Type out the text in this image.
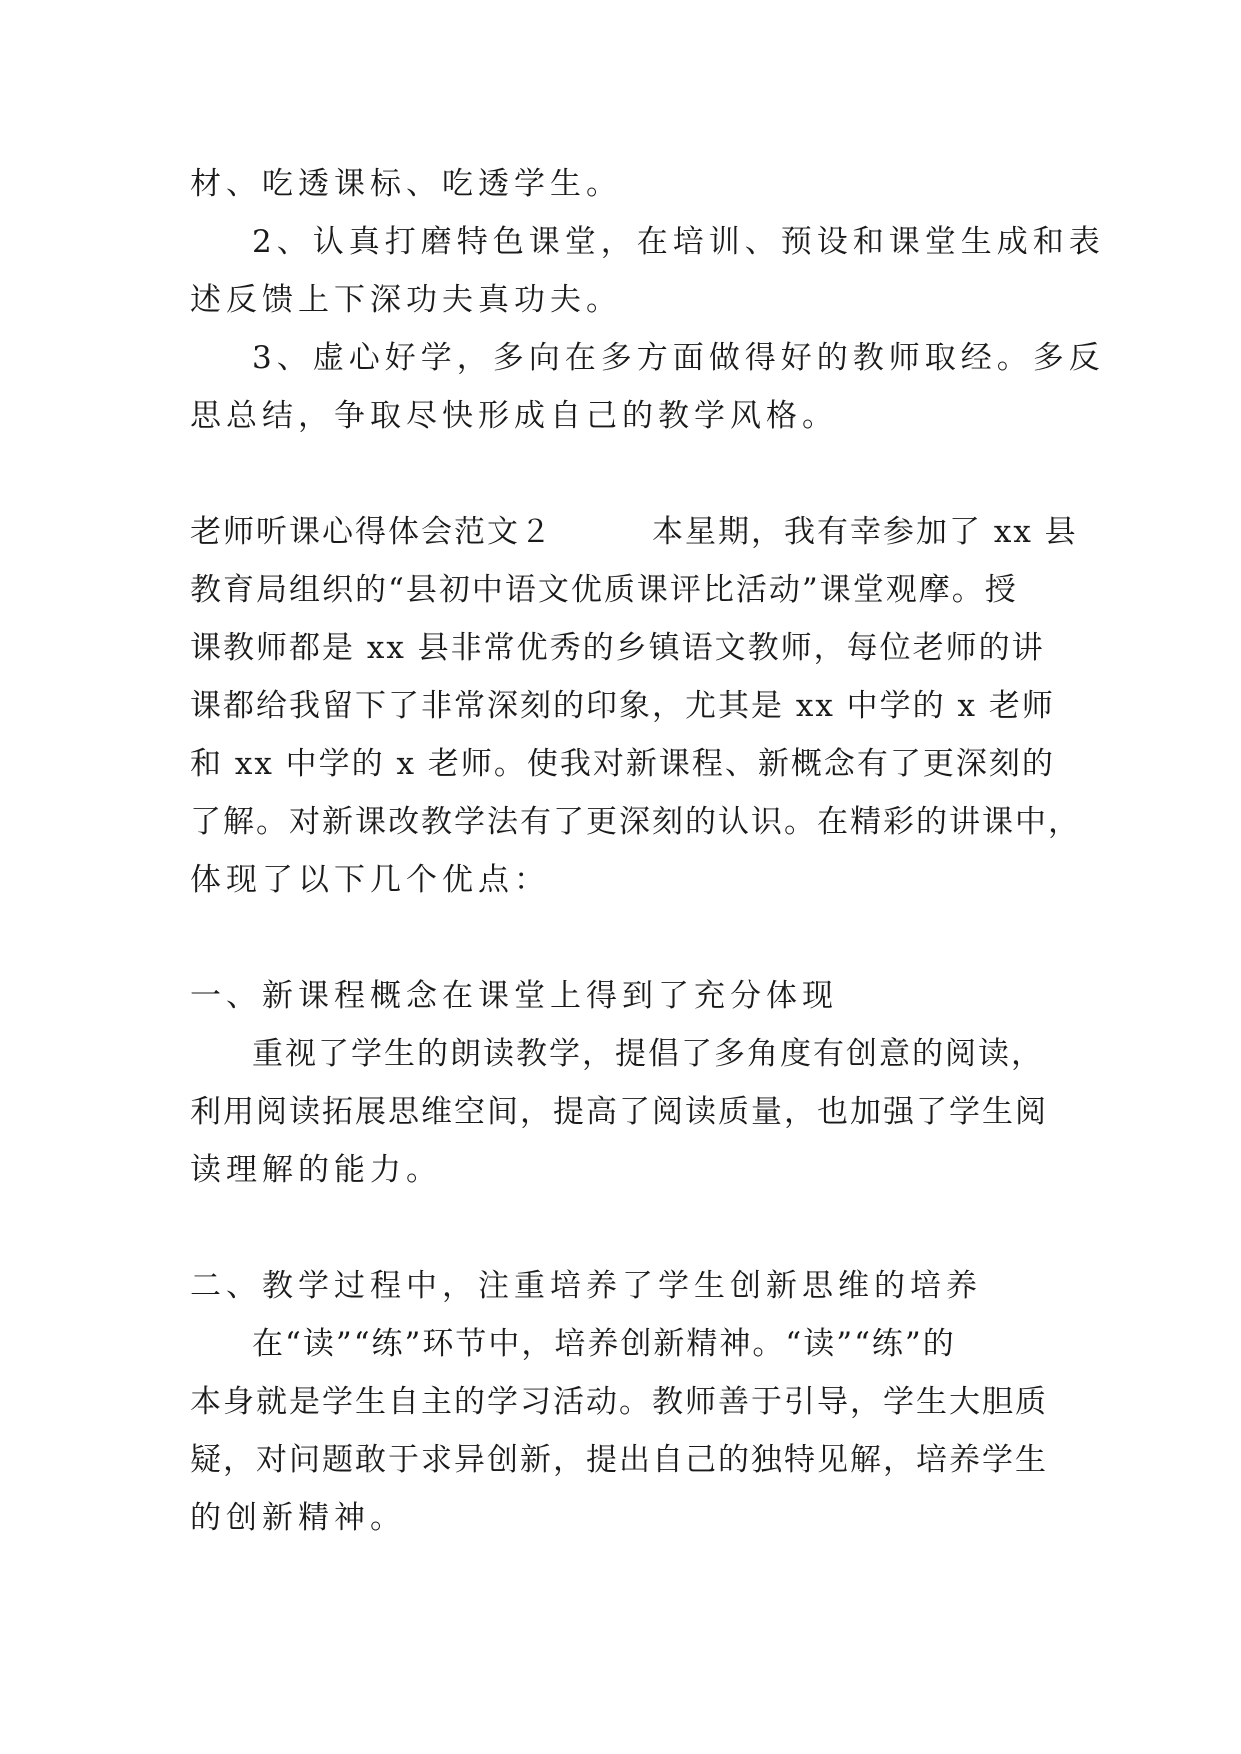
材、吃透课标、吃透学生。
2、认真打磨特色课堂，在培训、预设和课堂生成和表
述反馈上下深功夫真功夫。
3、虚心好学，多向在多方面做得好的教师取经。多反
思总结，争取尽快形成自己的教学风格。
老师听课心得体会范文２　　　本星期，我有幸参加了 xx 县
教育局组织的“县初中语文优质课评比活动”课堂观摩。授
课教师都是 xx 县非常优秀的乡镇语文教师，每位老师的讲
课都给我留下了非常深刻的印象，尤其是 xx 中学的 x 老师
和 xx 中学的 x 老师。使我对新课程、新概念有了更深刻的
了解。对新课改教学法有了更深刻的认识。在精彩的讲课中，
体现了以下几个优点：
一、新课程概念在课堂上得到了充分体现
重视了学生的朗读教学，提倡了多角度有创意的阅读，
利用阅读拓展思维空间，提高了阅读质量，也加强了学生阅
读理解的能力。
二、教学过程中，注重培养了学生创新思维的培养
在“读”“练”环节中，培养创新精神。“读”“练”的
本身就是学生自主的学习活动。教师善于引导，学生大胆质
疑，对问题敢于求异创新，提出自己的独特见解，培养学生
的创新精神。
